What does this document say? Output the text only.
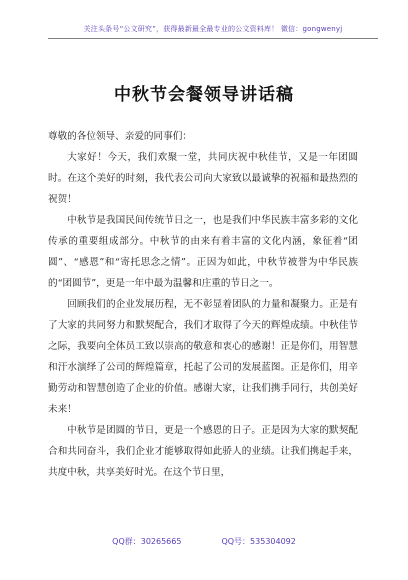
关注头条号“公文研究”，获得最新最全最专业的公文资料库！ 微信：gongwenyj
中秋节会餐领导讲话稿

尊敬的各位领导、亲爱的同事们：

大家好！今天，我们欢聚一堂，共同庆祝中秋佳节，又是一年团圆时。在这个美好的时刻，我代表公司向大家致以最诚挚的祝福和最热烈的祝贺！

中秋节是我国民间传统节日之一，也是我们中华民族丰富多彩的文化传承的重要组成部分。中秋节的由来有着丰富的文化内涵，象征着“团圆”、“感恩”和“寄托思念之情”。正因为如此，中秋节被誉为中华民族的“团圆节”，更是一年中最为温馨和庄重的节日之一。

回顾我们的企业发展历程，无不彰显着团队的力量和凝聚力。正是有了大家的共同努力和默契配合，我们才取得了今天的辉煌成绩。中秋佳节之际，我要向全体员工致以崇高的敬意和衷心的感谢！正是你们，用智慧和汗水演绎了公司的辉煌篇章，托起了公司的发展蓝图。正是你们，用辛勤劳动和智慧创造了企业的价值。感谢大家，让我们携手同行，共创美好未来！

中秋节是团圆的节日，更是一个感恩的日子。正是因为大家的默契配合和共同奋斗，我们企业才能够取得如此骄人的业绩。让我们携起手来，共度中秋，共享美好时光。在这个节日里，

QQ群：30265665	QQ号：535304092
